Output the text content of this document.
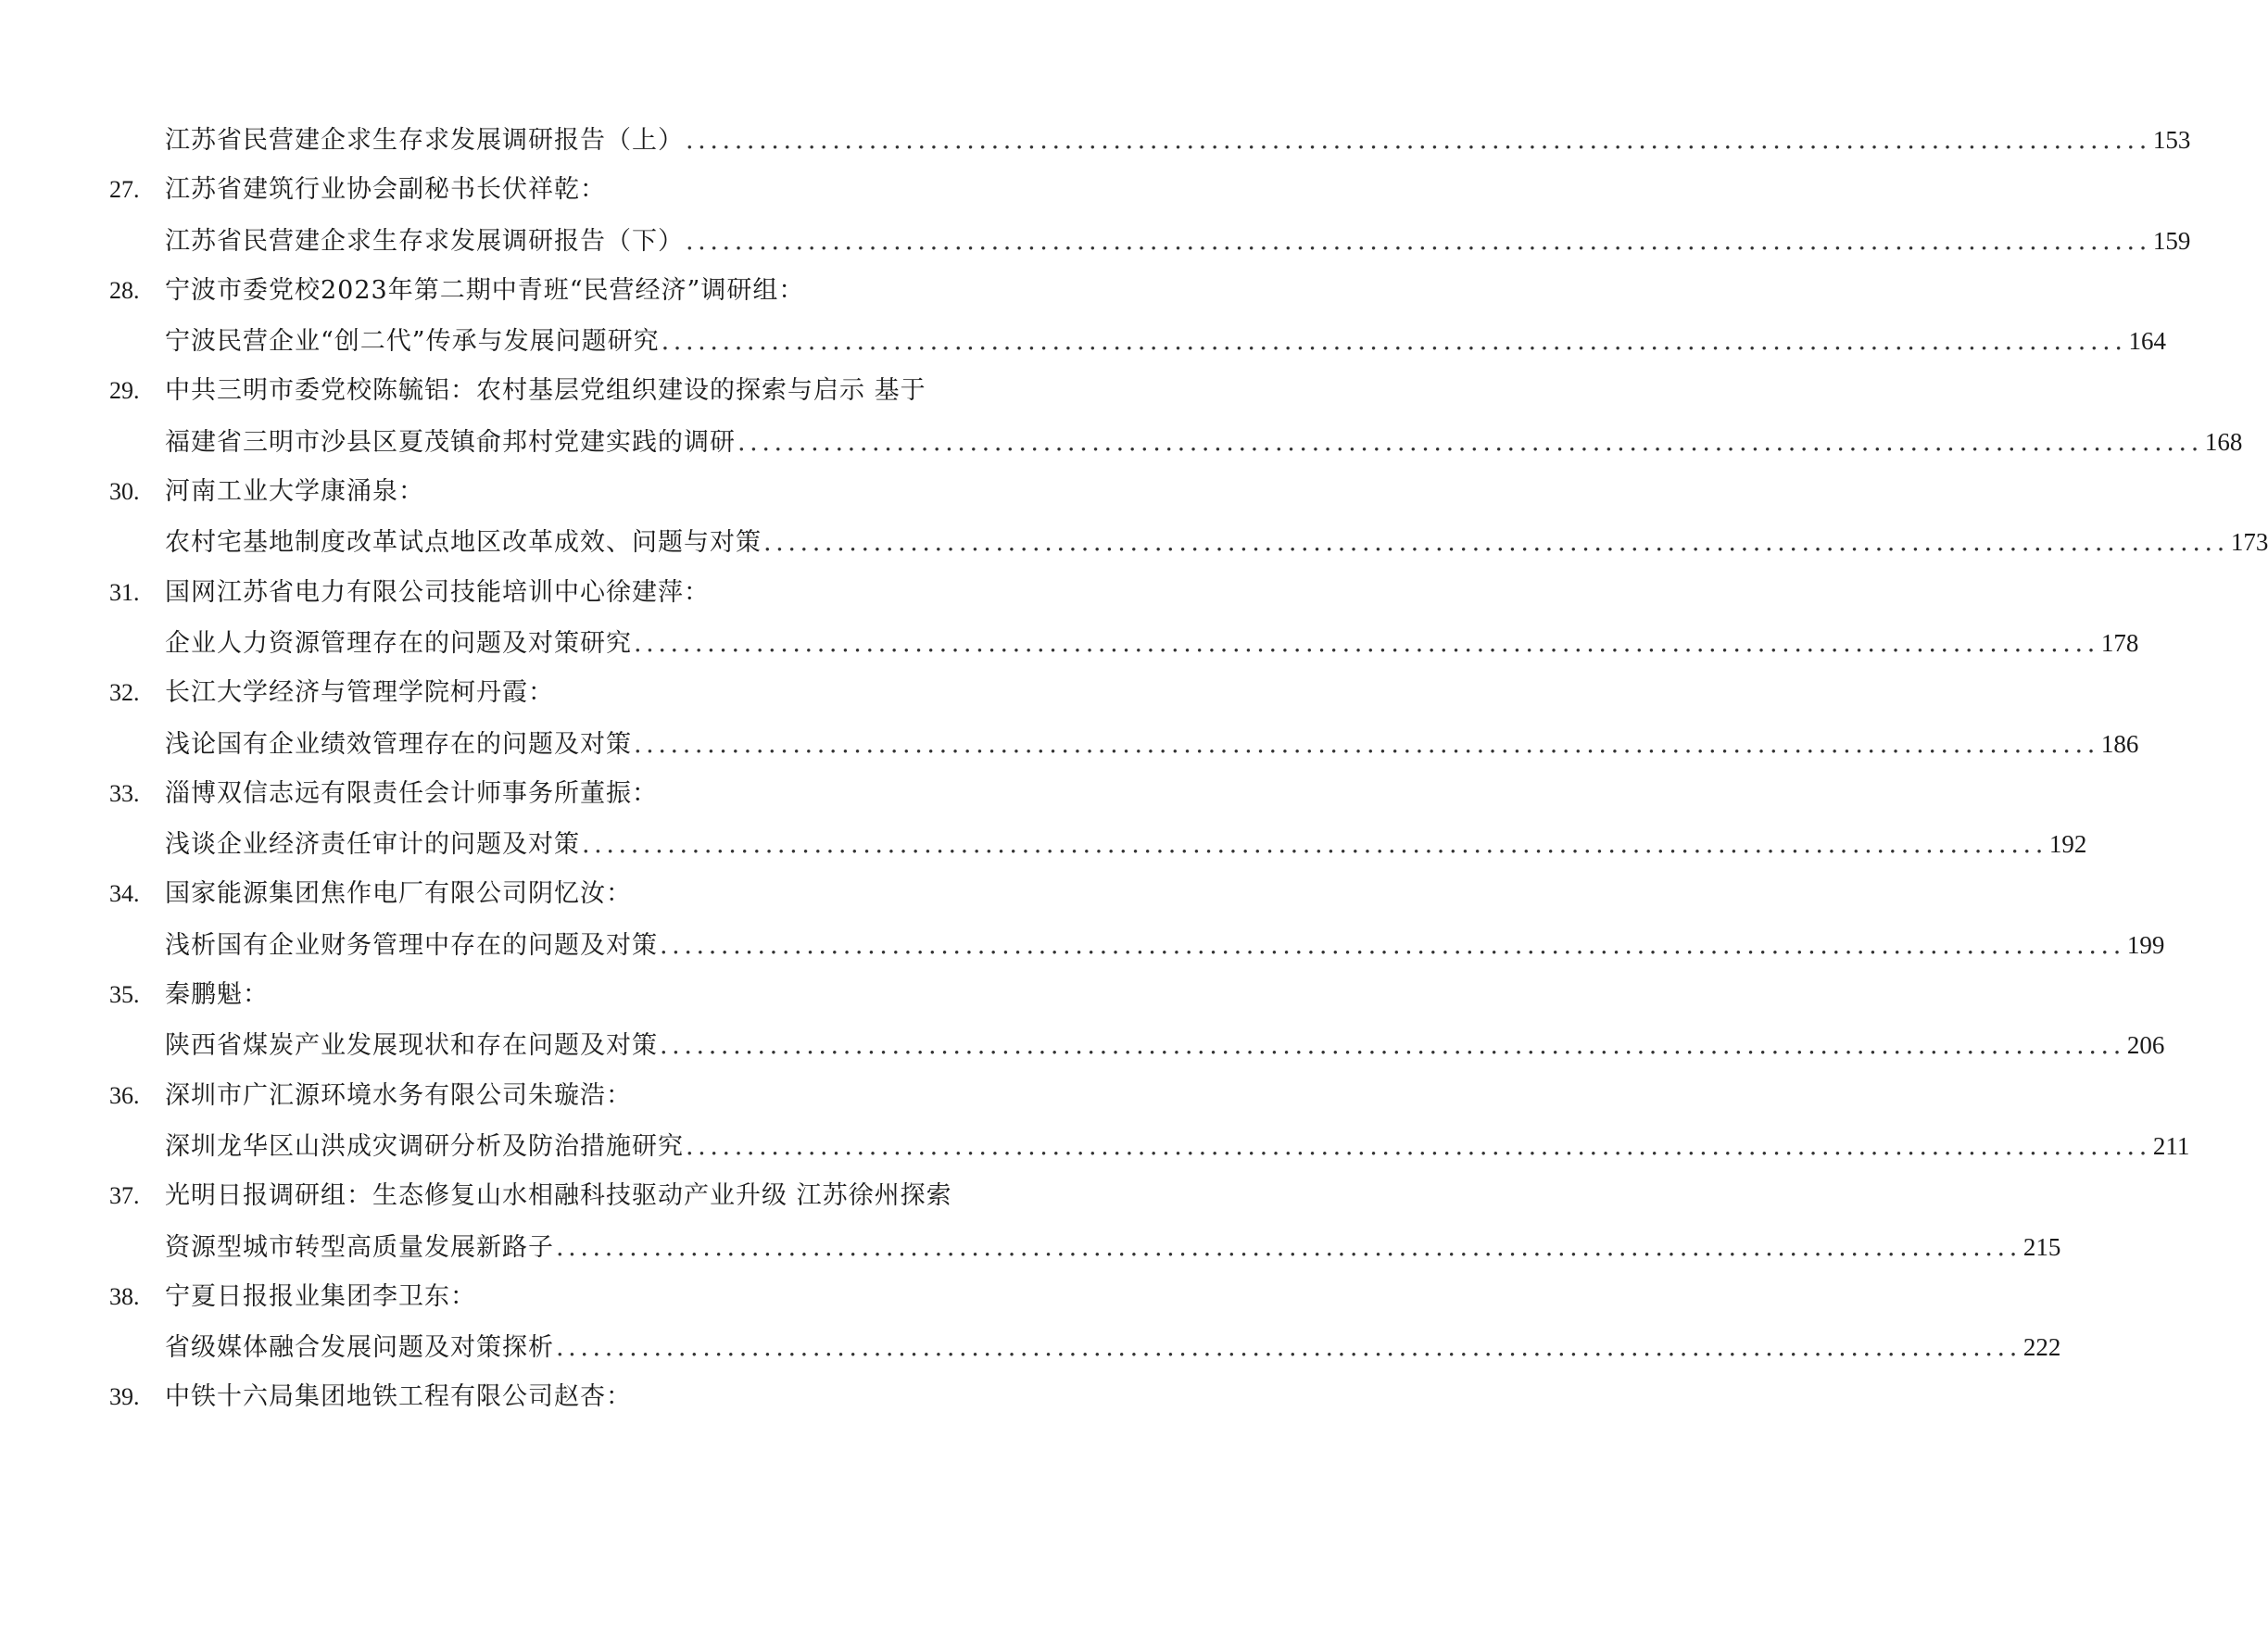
江苏省民营建企求生存求发展调研报告（上） ........................................................................................................................ 153
27. 江苏省建筑行业协会副秘书长伏祥乾：
江苏省民营建企求生存求发展调研报告（下） ........................................................................................................................ 159
28. 宁波市委党校2023年第二期中青班“民营经济”调研组：
宁波民营企业“创二代”传承与发展问题研究 ........................................................................................................................ 164
29. 中共三明市委党校陈毓铝：农村基层党组织建设的探索与启示 基于
福建省三明市沙县区夏茂镇俞邦村党建实践的调研 ........................................................................................................................ 168
30. 河南工业大学康涌泉：
农村宅基地制度改革试点地区改革成效、问题与对策 ........................................................................................................................ 173
31. 国网江苏省电力有限公司技能培训中心徐建萍：
企业人力资源管理存在的问题及对策研究 ........................................................................................................................ 178
32. 长江大学经济与管理学院柯丹霞：
浅论国有企业绩效管理存在的问题及对策 ........................................................................................................................ 186
33. 淄博双信志远有限责任会计师事务所董振：
浅谈企业经济责任审计的问题及对策 ........................................................................................................................ 192
34. 国家能源集团焦作电厂有限公司阴忆汝：
浅析国有企业财务管理中存在的问题及对策 ........................................................................................................................ 199
35. 秦鹏魁：
陕西省煤炭产业发展现状和存在问题及对策 ........................................................................................................................ 206
36. 深圳市广汇源环境水务有限公司朱璇浩：
深圳龙华区山洪成灾调研分析及防治措施研究 ........................................................................................................................ 211
37. 光明日报调研组：生态修复山水相融科技驱动产业升级 江苏徐州探索
资源型城市转型高质量发展新路子 ........................................................................................................................ 215
38. 宁夏日报报业集团李卫东：
省级媒体融合发展问题及对策探析 ........................................................................................................................ 222
39. 中铁十六局集团地铁工程有限公司赵杏：
